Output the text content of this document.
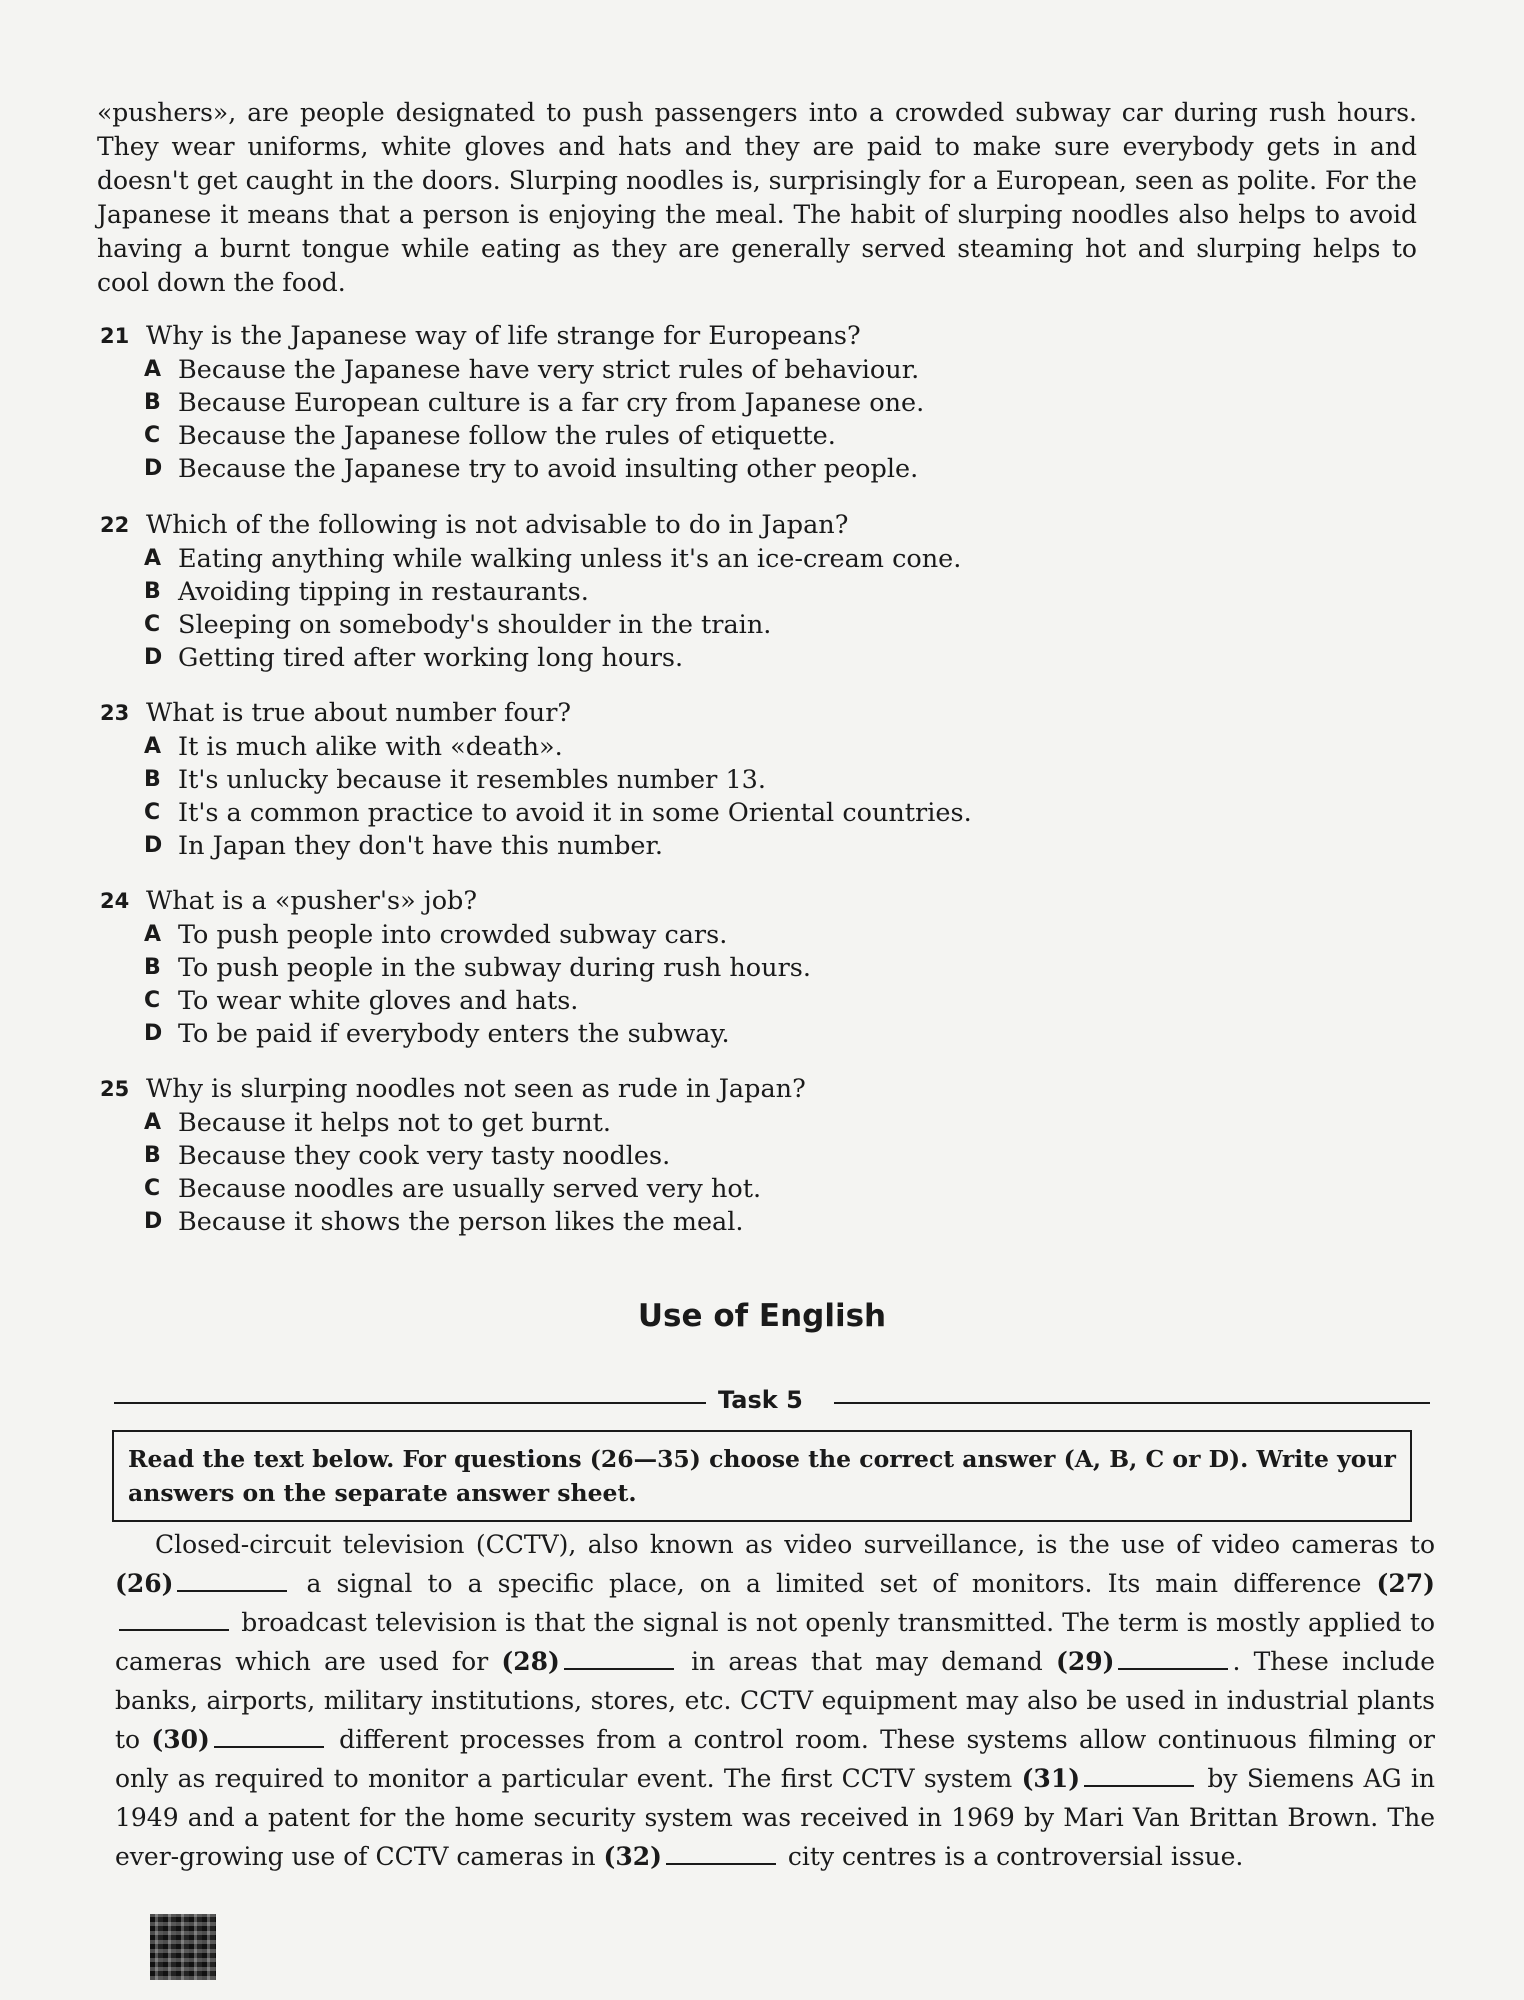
«pushers», are people designated to push passengers into a crowded subway car during rush hours. They wear uniforms, white gloves and hats and they are paid to make sure everybody gets in and doesn't get caught in the doors. Slurping noodles is, surprisingly for a European, seen as polite. For the Japanese it means that a person is enjoying the meal. The habit of slurping noodles also helps to avoid having a burnt tongue while eating as they are generally served steaming hot and slurping helps to cool down the food.

21 Why is the Japanese way of life strange for Europeans?
A Because the Japanese have very strict rules of behaviour.
B Because European culture is a far cry from Japanese one.
C Because the Japanese follow the rules of etiquette.
D Because the Japanese try to avoid insulting other people.
22 Which of the following is not advisable to do in Japan?
A Eating anything while walking unless it's an ice-cream cone.
B Avoiding tipping in restaurants.
C Sleeping on somebody's shoulder in the train.
D Getting tired after working long hours.
23 What is true about number four?
A It is much alike with «death».
B It's unlucky because it resembles number 13.
C It's a common practice to avoid it in some Oriental countries.
D In Japan they don't have this number.
24 What is a «pusher's» job?
A To push people into crowded subway cars.
B To push people in the subway during rush hours.
C To wear white gloves and hats.
D To be paid if everybody enters the subway.
25 Why is slurping noodles not seen as rude in Japan?
A Because it helps not to get burnt.
B Because they cook very tasty noodles.
C Because noodles are usually served very hot.
D Because it shows the person likes the meal.
Use of English
Task 5
Read the text below. For questions (26—35) choose the correct answer (A, B, C or D). Write your answers on the separate answer sheet.

Closed-circuit television (CCTV), also known as video surveillance, is the use of video cameras to (26)	a signal to a specific place, on a limited set of monitors. Its main difference (27) broadcast television is that the signal is not openly transmitted. The term is mostly applied to cameras which are used for (28)	in areas that may demand (29)	. These include banks, airports, military institutions, stores, etc. CCTV equipment may also be used in industrial plants to (30)	different processes from a control room. These systems allow continuous filming or only as required to monitor a particular event. The first CCTV system (31)	by Siemens AG in 1949 and a patent for the home security system was received in 1969 by Mari Van Brittan Brown. The ever-growing use of CCTV cameras in (32)	city centres is a controversial issue.
